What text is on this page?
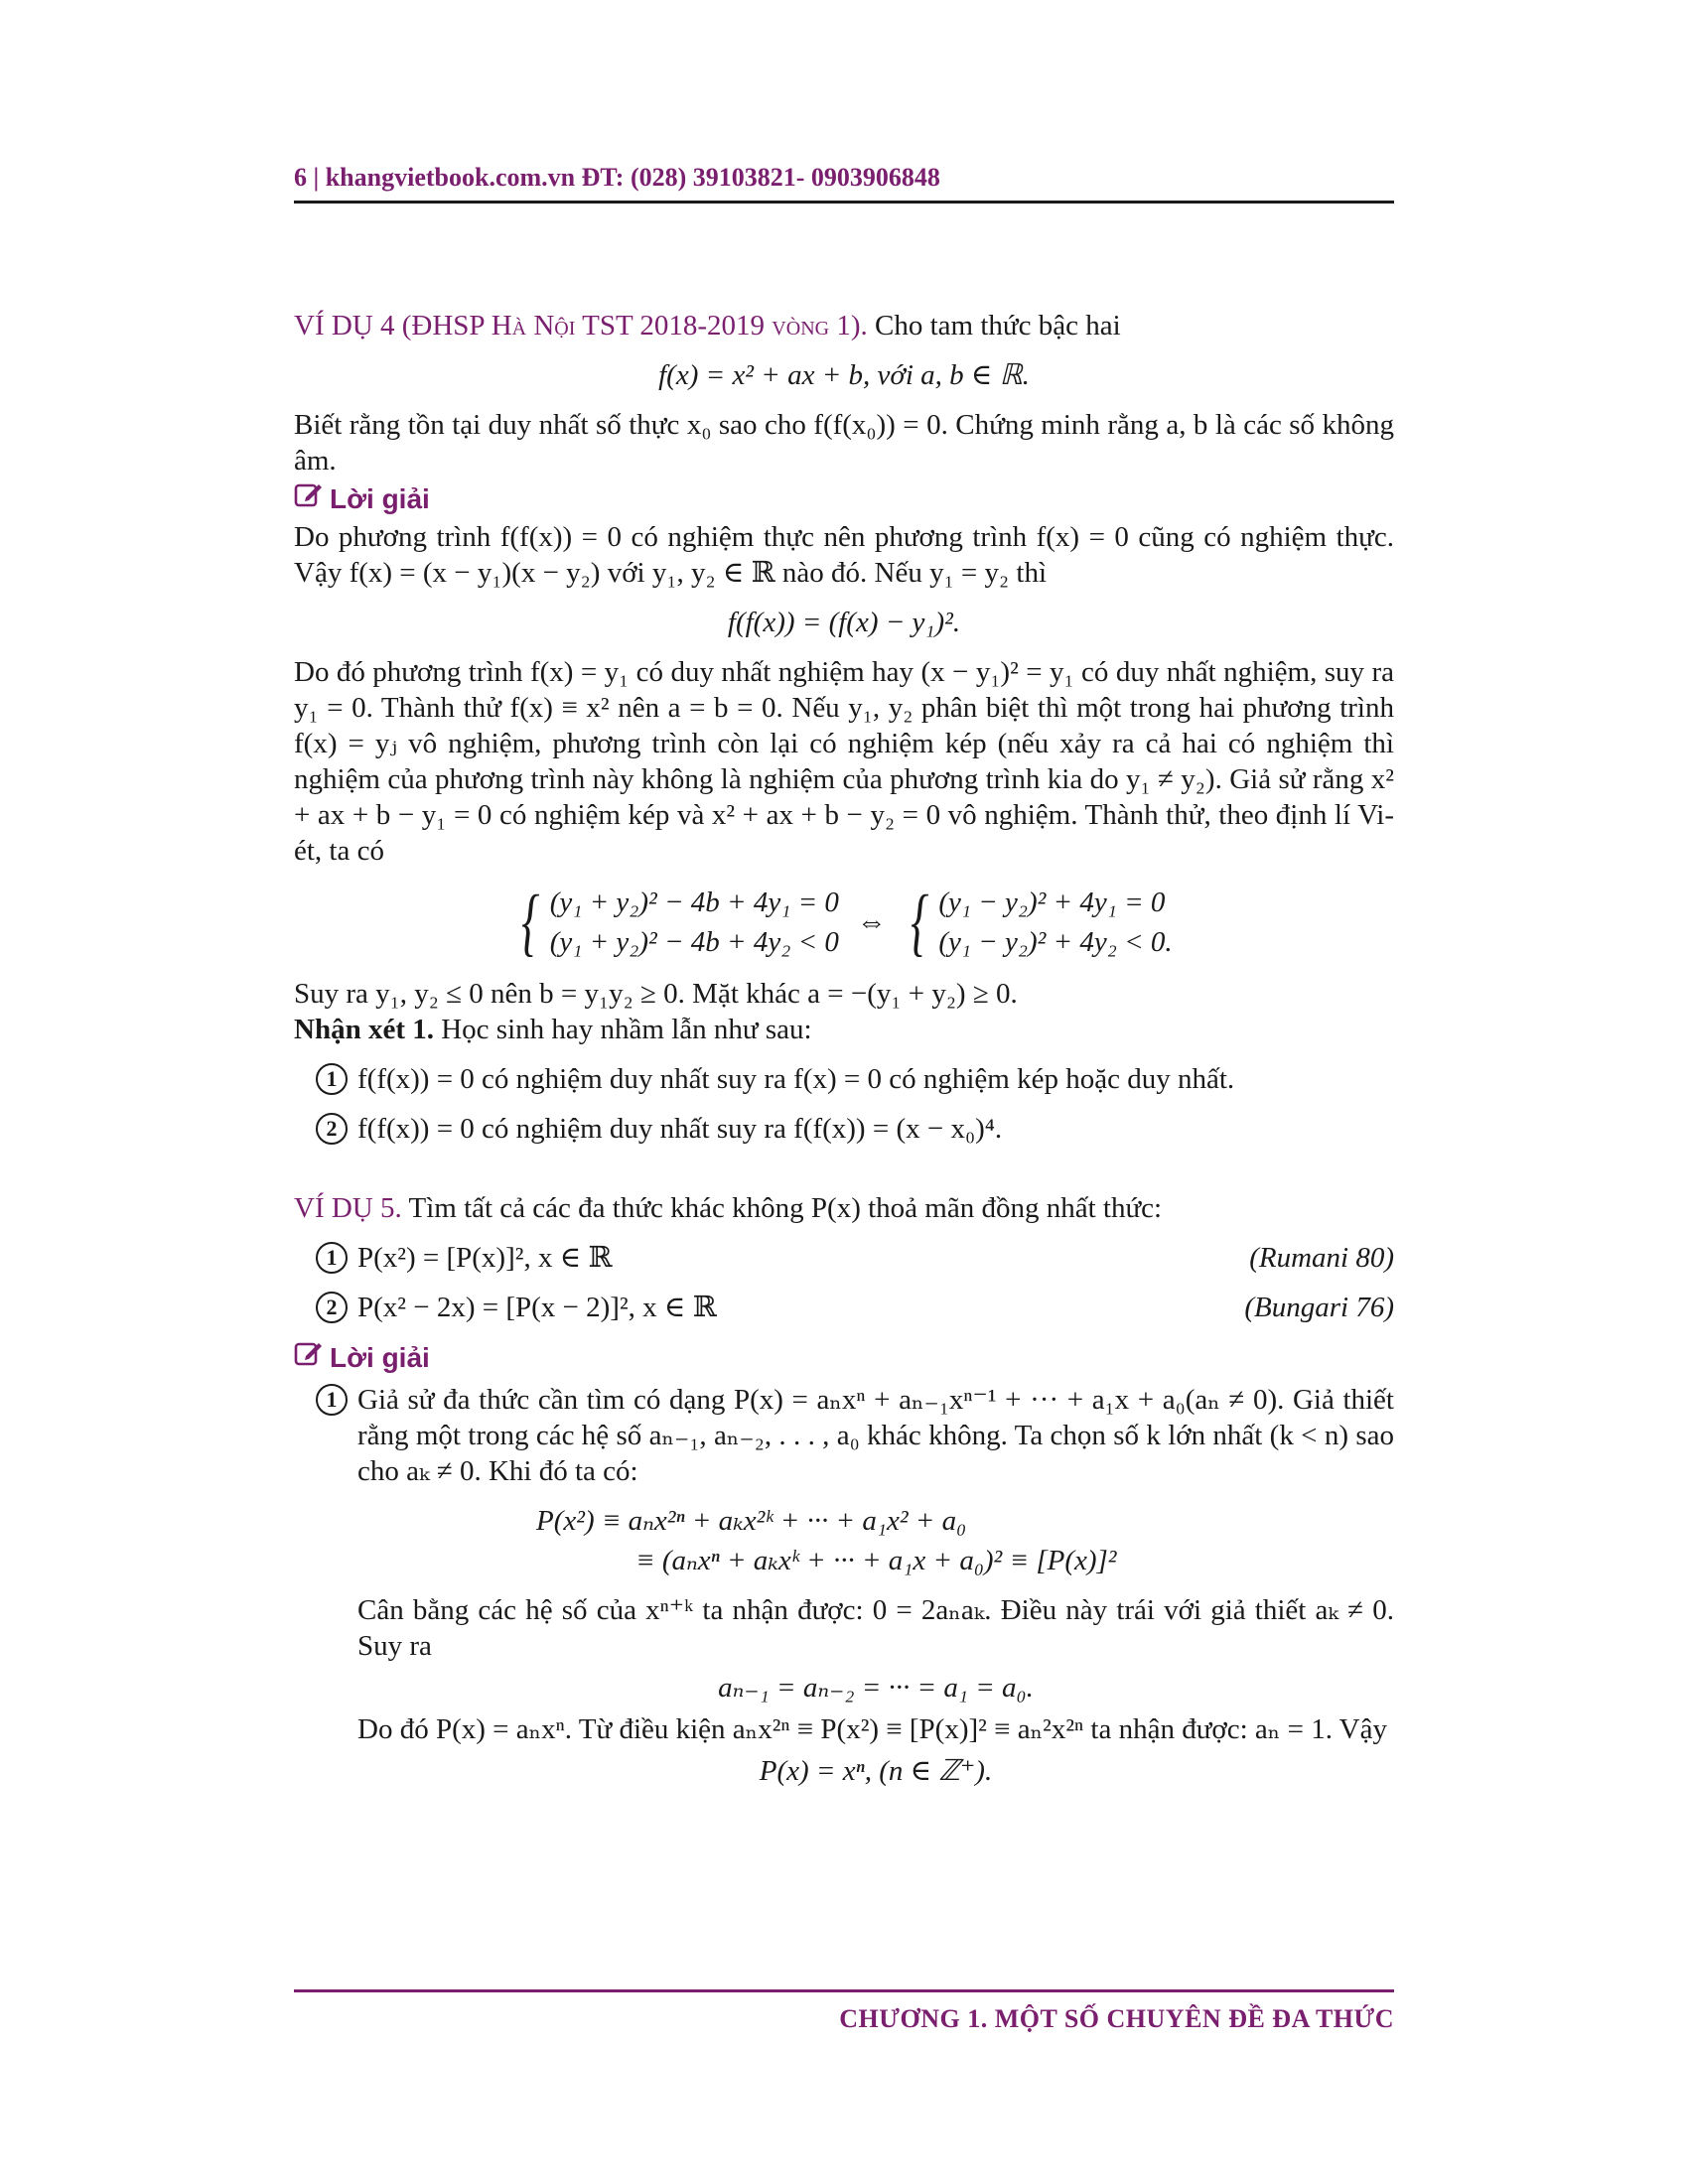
6 | khangvietbook.com.vn ĐT: (028) 39103821- 0903906848

VÍ DỤ 4 (ĐHSP Hà Nội TST 2018-2019 vòng 1). Cho tam thức bậc hai

f(x) = x² + ax + b, với a, b ∈ ℝ.

Biết rằng tồn tại duy nhất số thực x₀ sao cho f(f(x₀)) = 0. Chứng minh rằng a, b là các số không âm.

Lời giải

Do phương trình f(f(x)) = 0 có nghiệm thực nên phương trình f(x) = 0 cũng có nghiệm thực. Vậy f(x) = (x − y₁)(x − y₂) với y₁, y₂ ∈ ℝ nào đó. Nếu y₁ = y₂ thì

f(f(x)) = (f(x) − y₁)².

Do đó phương trình f(x) = y₁ có duy nhất nghiệm hay (x − y₁)² = y₁ có duy nhất nghiệm, suy ra y₁ = 0. Thành thử f(x) ≡ x² nên a = b = 0. Nếu y₁, y₂ phân biệt thì một trong hai phương trình f(x) = yⱼ vô nghiệm, phương trình còn lại có nghiệm kép (nếu xảy ra cả hai có nghiệm thì nghiệm của phương trình này không là nghiệm của phương trình kia do y₁ ≠ y₂). Giả sử rằng x² + ax + b − y₁ = 0 có nghiệm kép và x² + ax + b − y₂ = 0 vô nghiệm. Thành thử, theo định lí Vi-ét, ta có

{ (y₁ + y₂)² − 4b + 4y₁ = 0
(y₁ + y₂)² − 4b + 4y₂ < 0
⇔ { (y₁ − y₂)² + 4y₁ = 0
(y₁ − y₂)² + 4y₂ < 0.

Suy ra y₁, y₂ ≤ 0 nên b = y₁y₂ ≥ 0. Mặt khác a = −(y₁ + y₂) ≥ 0.

Nhận xét 1. Học sinh hay nhầm lẫn như sau:

1 f(f(x)) = 0 có nghiệm duy nhất suy ra f(x) = 0 có nghiệm kép hoặc duy nhất.
2 f(f(x)) = 0 có nghiệm duy nhất suy ra f(f(x)) = (x − x₀)⁴.

VÍ DỤ 5. Tìm tất cả các đa thức khác không P(x) thoả mãn đồng nhất thức:

1 P(x²) = [P(x)]², x ∈ ℝ	(Rumani 80)
2 P(x² − 2x) = [P(x − 2)]², x ∈ ℝ	(Bungari 76)
Lời giải
1 Giả sử đa thức cần tìm có dạng P(x) = aₙxⁿ + aₙ₋₁xⁿ⁻¹ + ··· + a₁x + a₀(aₙ ≠ 0). Giả thiết rằng một trong các hệ số aₙ₋₁, aₙ₋₂, . . . , a₀ khác không. Ta chọn số k lớn nhất (k < n) sao cho aₖ ≠ 0. Khi đó ta có:

P(x²) ≡ aₙx²ⁿ + aₖx²ᵏ + ··· + a₁x² + a₀
≡ (aₙxⁿ + aₖxᵏ + ··· + a₁x + a₀)² ≡ [P(x)]²

Cân bằng các hệ số của xⁿ⁺ᵏ ta nhận được: 0 = 2aₙaₖ. Điều này trái với giả thiết aₖ ≠ 0. Suy ra

aₙ₋₁ = aₙ₋₂ = ··· = a₁ = a₀.

Do đó P(x) = aₙxⁿ. Từ điều kiện aₙx²ⁿ ≡ P(x²) ≡ [P(x)]² ≡ aₙ²x²ⁿ ta nhận được: aₙ = 1. Vậy

P(x) = xⁿ, (n ∈ ℤ⁺).
CHƯƠNG 1. MỘT SỐ CHUYÊN ĐỀ ĐA THỨC
